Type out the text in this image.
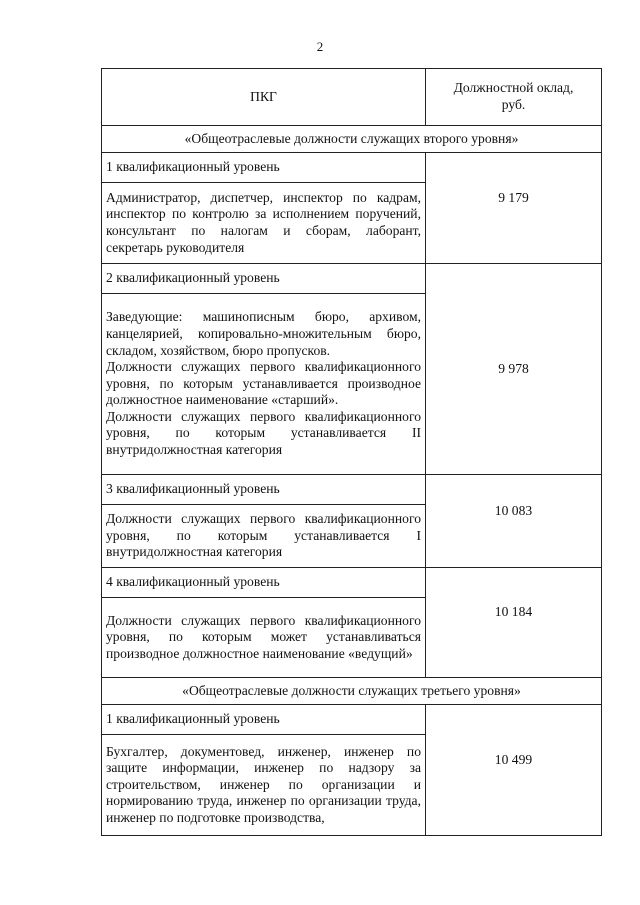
2
ПКГ	Должностной оклад,
руб.
«Общеотраслевые должности служащих второго уровня»	
1 квалификационный уровень	9 179

Администратор, диспетчер, инспектор по кадрам, инспектор по контролю за исполнением поручений, консультант по налогам и сборам, лаборант, секретарь руководителя	

2 квалификационный уровень	9 978

Заведующие: машинописным бюро, архивом, канцелярией, копировально-множительным бюро, складом, хозяйством, бюро пропусков.

Должности служащих первого квалификационного уровня, по которым устанавливается производное должностное наименование «старший».

Должности служащих первого квалификационного уровня, по которым устанавливается II внутридолжностная категория	

3 квалификационный уровень	10 083

Должности служащих первого квалификационного уровня, по которым устанавливается I внутридолжностная категория	

4 квалификационный уровень	10 184

Должности служащих первого квалификационного уровня, по которым может устанавливаться производное должностное наименование «ведущий»	

«Общеотраслевые должности служащих третьего уровня»	
1 квалификационный уровень	10 499

Бухгалтер, документовед, инженер, инженер по защите информации, инженер по надзору за строительством, инженер по организации и нормированию труда, инженер по организации труда, инженер по подготовке производства,	
